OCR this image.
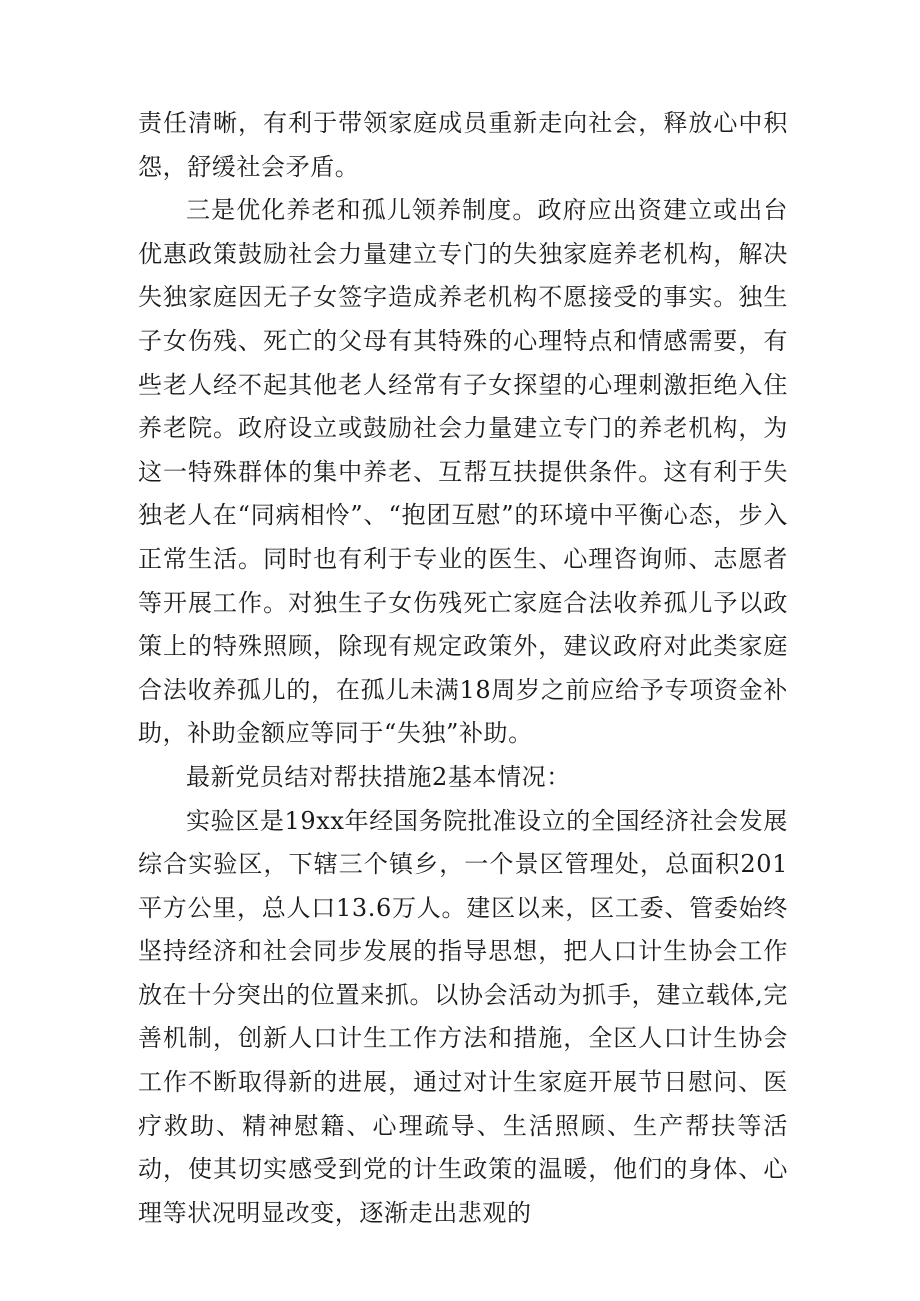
责任清晰，有利于带领家庭成员重新走向社会，释放心中积怨，舒缓社会矛盾。

三是优化养老和孤儿领养制度。政府应出资建立或出台优惠政策鼓励社会力量建立专门的失独家庭养老机构，解决失独家庭因无子女签字造成养老机构不愿接受的事实。独生子女伤残、死亡的父母有其特殊的心理特点和情感需要，有些老人经不起其他老人经常有子女探望的心理刺激拒绝入住养老院。政府设立或鼓励社会力量建立专门的养老机构，为这一特殊群体的集中养老、互帮互扶提供条件。这有利于失独老人在“同病相怜”、“抱团互慰”的环境中平衡心态，步入正常生活。同时也有利于专业的医生、心理咨询师、志愿者等开展工作。对独生子女伤残死亡家庭合法收养孤儿予以政策上的特殊照顾，除现有规定政策外，建议政府对此类家庭合法收养孤儿的，在孤儿未满18周岁之前应给予专项资金补助，补助金额应等同于“失独”补助。

最新党员结对帮扶措施2基本情况：

实验区是19xx年经国务院批准设立的全国经济社会发展综合实验区，下辖三个镇乡，一个景区管理处，总面积201平方公里，总人口13.6万人。建区以来，区工委、管委始终坚持经济和社会同步发展的指导思想，把人口计生协会工作放在十分突出的位置来抓。以协会活动为抓手，建立载体,完善机制，创新人口计生工作方法和措施，全区人口计生协会工作不断取得新的进展，通过对计生家庭开展节日慰问、医疗救助、精神慰籍、心理疏导、生活照顾、生产帮扶等活动，使其切实感受到党的计生政策的温暖，他们的身体、心理等状况明显改变，逐渐走出悲观的
